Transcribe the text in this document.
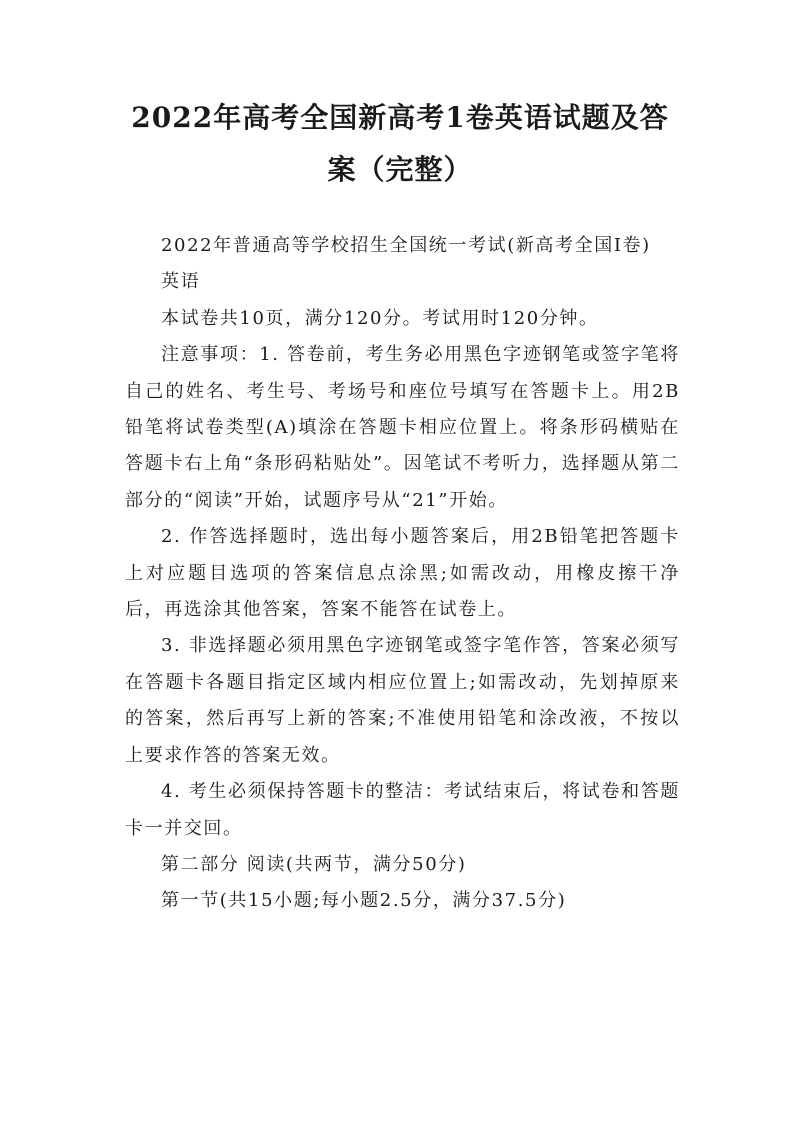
2022年高考全国新高考1卷英语试题及答案（完整）

2022年普通高等学校招生全国统一考试(新高考全国Ⅰ卷)

英语

本试卷共10页，满分120分。考试用时120分钟。

注意事项：1. 答卷前，考生务必用黑色字迹钢笔或签字笔将自己的姓名、考生号、考场号和座位号填写在答题卡上。用2B铅笔将试卷类型(A)填涂在答题卡相应位置上。将条形码横贴在答题卡右上角“条形码粘贴处”。因笔试不考听力，选择题从第二部分的“阅读”开始，试题序号从“21”开始。

2. 作答选择题时，选出每小题答案后，用2B铅笔把答题卡上对应题目选项的答案信息点涂黑;如需改动，用橡皮擦干净后，再选涂其他答案，答案不能答在试卷上。

3. 非选择题必须用黑色字迹钢笔或签字笔作答，答案必须写在答题卡各题目指定区域内相应位置上;如需改动，先划掉原来的答案，然后再写上新的答案;不准使用铅笔和涂改液，不按以上要求作答的答案无效。

4. 考生必须保持答题卡的整洁：考试结束后，将试卷和答题卡一并交回。

第二部分 阅读(共两节，满分50分)

第一节(共15小题;每小题2.5分，满分37.5分)
